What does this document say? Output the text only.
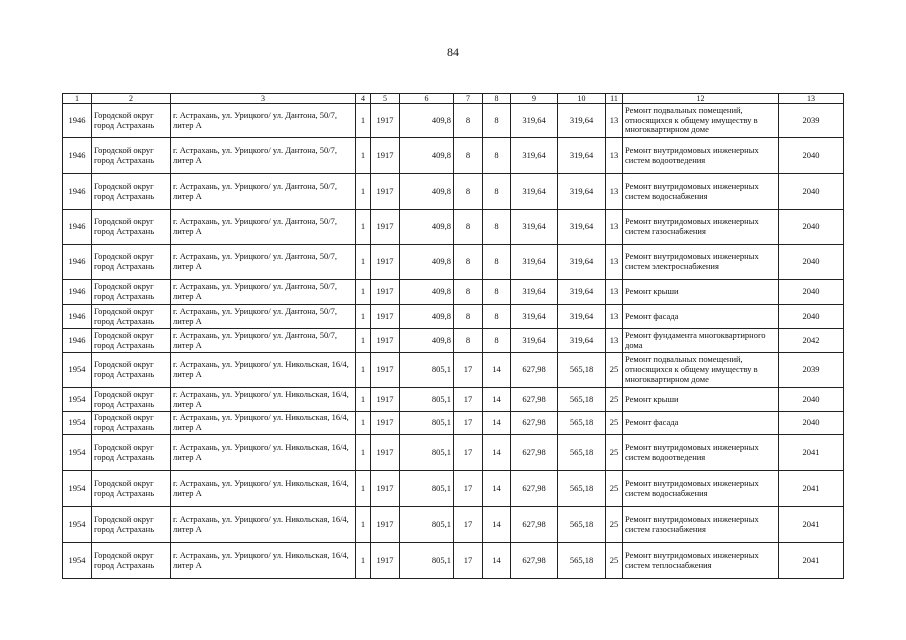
84
1	2	3	4	5	6	7	8	9	10	11	12	13
1946	Городской округ город Астрахань	г. Астрахань, ул. Урицкого/ ул. Дантона, 50/7, литер А	1	1917	409,8	8	8	319,64	319,64	13	Ремонт подвальных помещений, относящихся к общему имуществу в многоквартирном доме	2039
1946	Городской округ город Астрахань	г. Астрахань, ул. Урицкого/ ул. Дантона, 50/7, литер А	1	1917	409,8	8	8	319,64	319,64	13	Ремонт внутридомовых инженерных систем водоотведения	2040
1946	Городской округ город Астрахань	г. Астрахань, ул. Урицкого/ ул. Дантона, 50/7, литер А	1	1917	409,8	8	8	319,64	319,64	13	Ремонт внутридомовых инженерных систем водоснабжения	2040
1946	Городской округ город Астрахань	г. Астрахань, ул. Урицкого/ ул. Дантона, 50/7, литер А	1	1917	409,8	8	8	319,64	319,64	13	Ремонт внутридомовых инженерных систем газоснабжения	2040
1946	Городской округ город Астрахань	г. Астрахань, ул. Урицкого/ ул. Дантона, 50/7, литер А	1	1917	409,8	8	8	319,64	319,64	13	Ремонт внутридомовых инженерных систем электроснабжения	2040
1946	Городской округ город Астрахань	г. Астрахань, ул. Урицкого/ ул. Дантона, 50/7, литер А	1	1917	409,8	8	8	319,64	319,64	13	Ремонт крыши	2040
1946	Городской округ город Астрахань	г. Астрахань, ул. Урицкого/ ул. Дантона, 50/7, литер А	1	1917	409,8	8	8	319,64	319,64	13	Ремонт фасада	2040
1946	Городской округ город Астрахань	г. Астрахань, ул. Урицкого/ ул. Дантона, 50/7, литер А	1	1917	409,8	8	8	319,64	319,64	13	Ремонт фундамента многоквартирного дома	2042
1954	Городской округ город Астрахань	г. Астрахань, ул. Урицкого/ ул. Никольская, 16/4, литер А	1	1917	805,1	17	14	627,98	565,18	25	Ремонт подвальных помещений, относящихся к общему имуществу в многоквартирном доме	2039
1954	Городской округ город Астрахань	г. Астрахань, ул. Урицкого/ ул. Никольская, 16/4, литер А	1	1917	805,1	17	14	627,98	565,18	25	Ремонт крыши	2040
1954	Городской округ город Астрахань	г. Астрахань, ул. Урицкого/ ул. Никольская, 16/4, литер А	1	1917	805,1	17	14	627,98	565,18	25	Ремонт фасада	2040
1954	Городской округ город Астрахань	г. Астрахань, ул. Урицкого/ ул. Никольская, 16/4, литер А	1	1917	805,1	17	14	627,98	565,18	25	Ремонт внутридомовых инженерных систем водоотведения	2041
1954	Городской округ город Астрахань	г. Астрахань, ул. Урицкого/ ул. Никольская, 16/4, литер А	1	1917	805,1	17	14	627,98	565,18	25	Ремонт внутридомовых инженерных систем водоснабжения	2041
1954	Городской округ город Астрахань	г. Астрахань, ул. Урицкого/ ул. Никольская, 16/4, литер А	1	1917	805,1	17	14	627,98	565,18	25	Ремонт внутридомовых инженерных систем газоснабжения	2041
1954	Городской округ город Астрахань	г. Астрахань, ул. Урицкого/ ул. Никольская, 16/4, литер А	1	1917	805,1	17	14	627,98	565,18	25	Ремонт внутридомовых инженерных систем теплоснабжения	2041
